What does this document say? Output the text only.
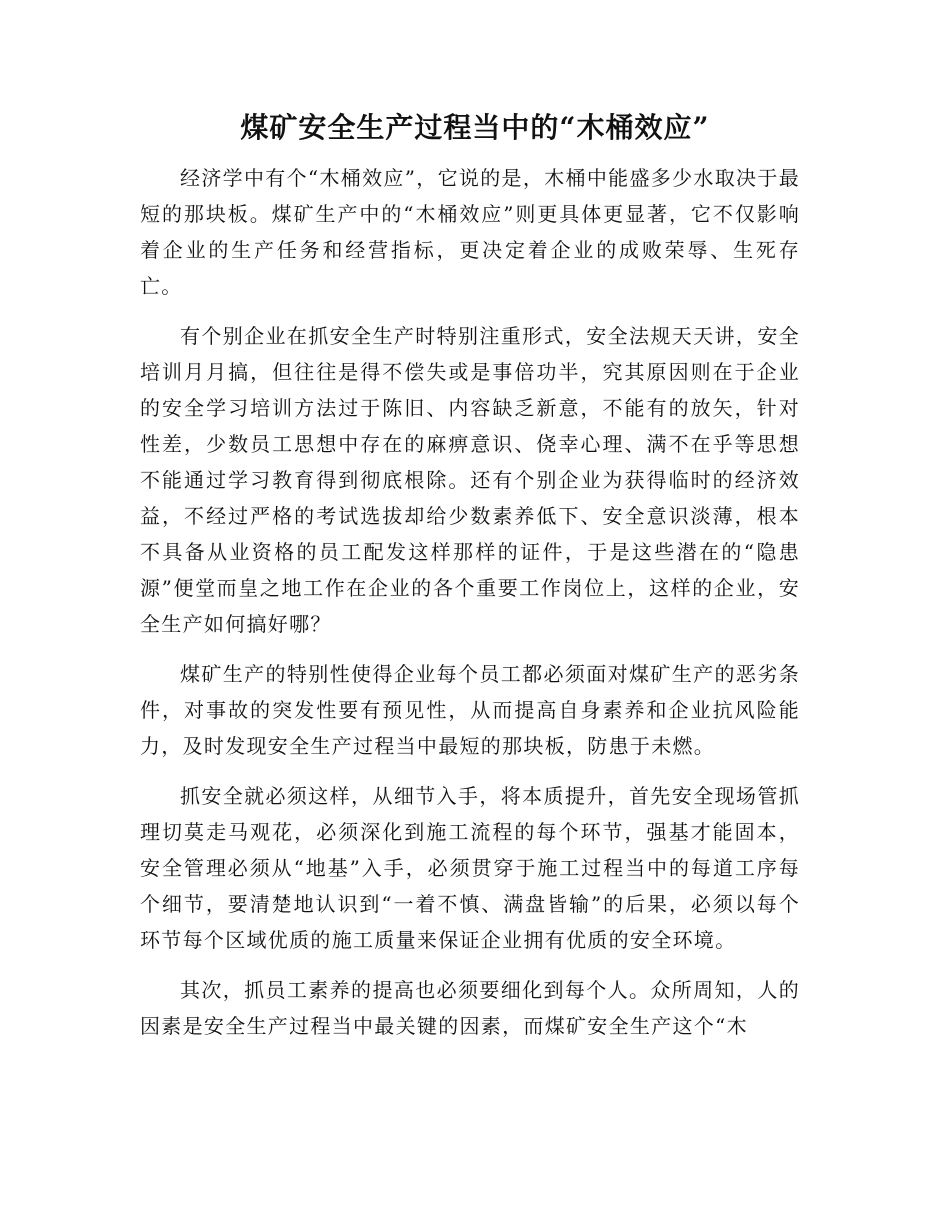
煤矿安全生产过程当中的“木桶效应”

经济学中有个“木桶效应”，它说的是，木桶中能盛多少水取决于最短的那块板。煤矿生产中的“木桶效应”则更具体更显著，它不仅影响着企业的生产任务和经营指标，更决定着企业的成败荣辱、生死存亡。

有个别企业在抓安全生产时特别注重形式，安全法规天天讲，安全培训月月搞，但往往是得不偿失或是事倍功半，究其原因则在于企业的安全学习培训方法过于陈旧、内容缺乏新意，不能有的放矢，针对性差，少数员工思想中存在的麻痹意识、侥幸心理、满不在乎等思想不能通过学习教育得到彻底根除。还有个别企业为获得临时的经济效益，不经过严格的考试选拔却给少数素养低下、安全意识淡薄，根本不具备从业资格的员工配发这样那样的证件，于是这些潜在的“隐患源”便堂而皇之地工作在企业的各个重要工作岗位上，这样的企业，安全生产如何搞好哪？

煤矿生产的特别性使得企业每个员工都必须面对煤矿生产的恶劣条件，对事故的突发性要有预见性，从而提高自身素养和企业抗风险能力，及时发现安全生产过程当中最短的那块板，防患于未燃。

抓安全就必须这样，从细节入手，将本质提升，首先安全现场管抓理切莫走马观花，必须深化到施工流程的每个环节，强基才能固本，安全管理必须从“地基”入手，必须贯穿于施工过程当中的每道工序每个细节，要清楚地认识到“一着不慎、满盘皆输”的后果，必须以每个环节每个区域优质的施工质量来保证企业拥有优质的安全环境。

其次，抓员工素养的提高也必须要细化到每个人。众所周知，人的因素是安全生产过程当中最关键的因素，而煤矿安全生产这个“木
